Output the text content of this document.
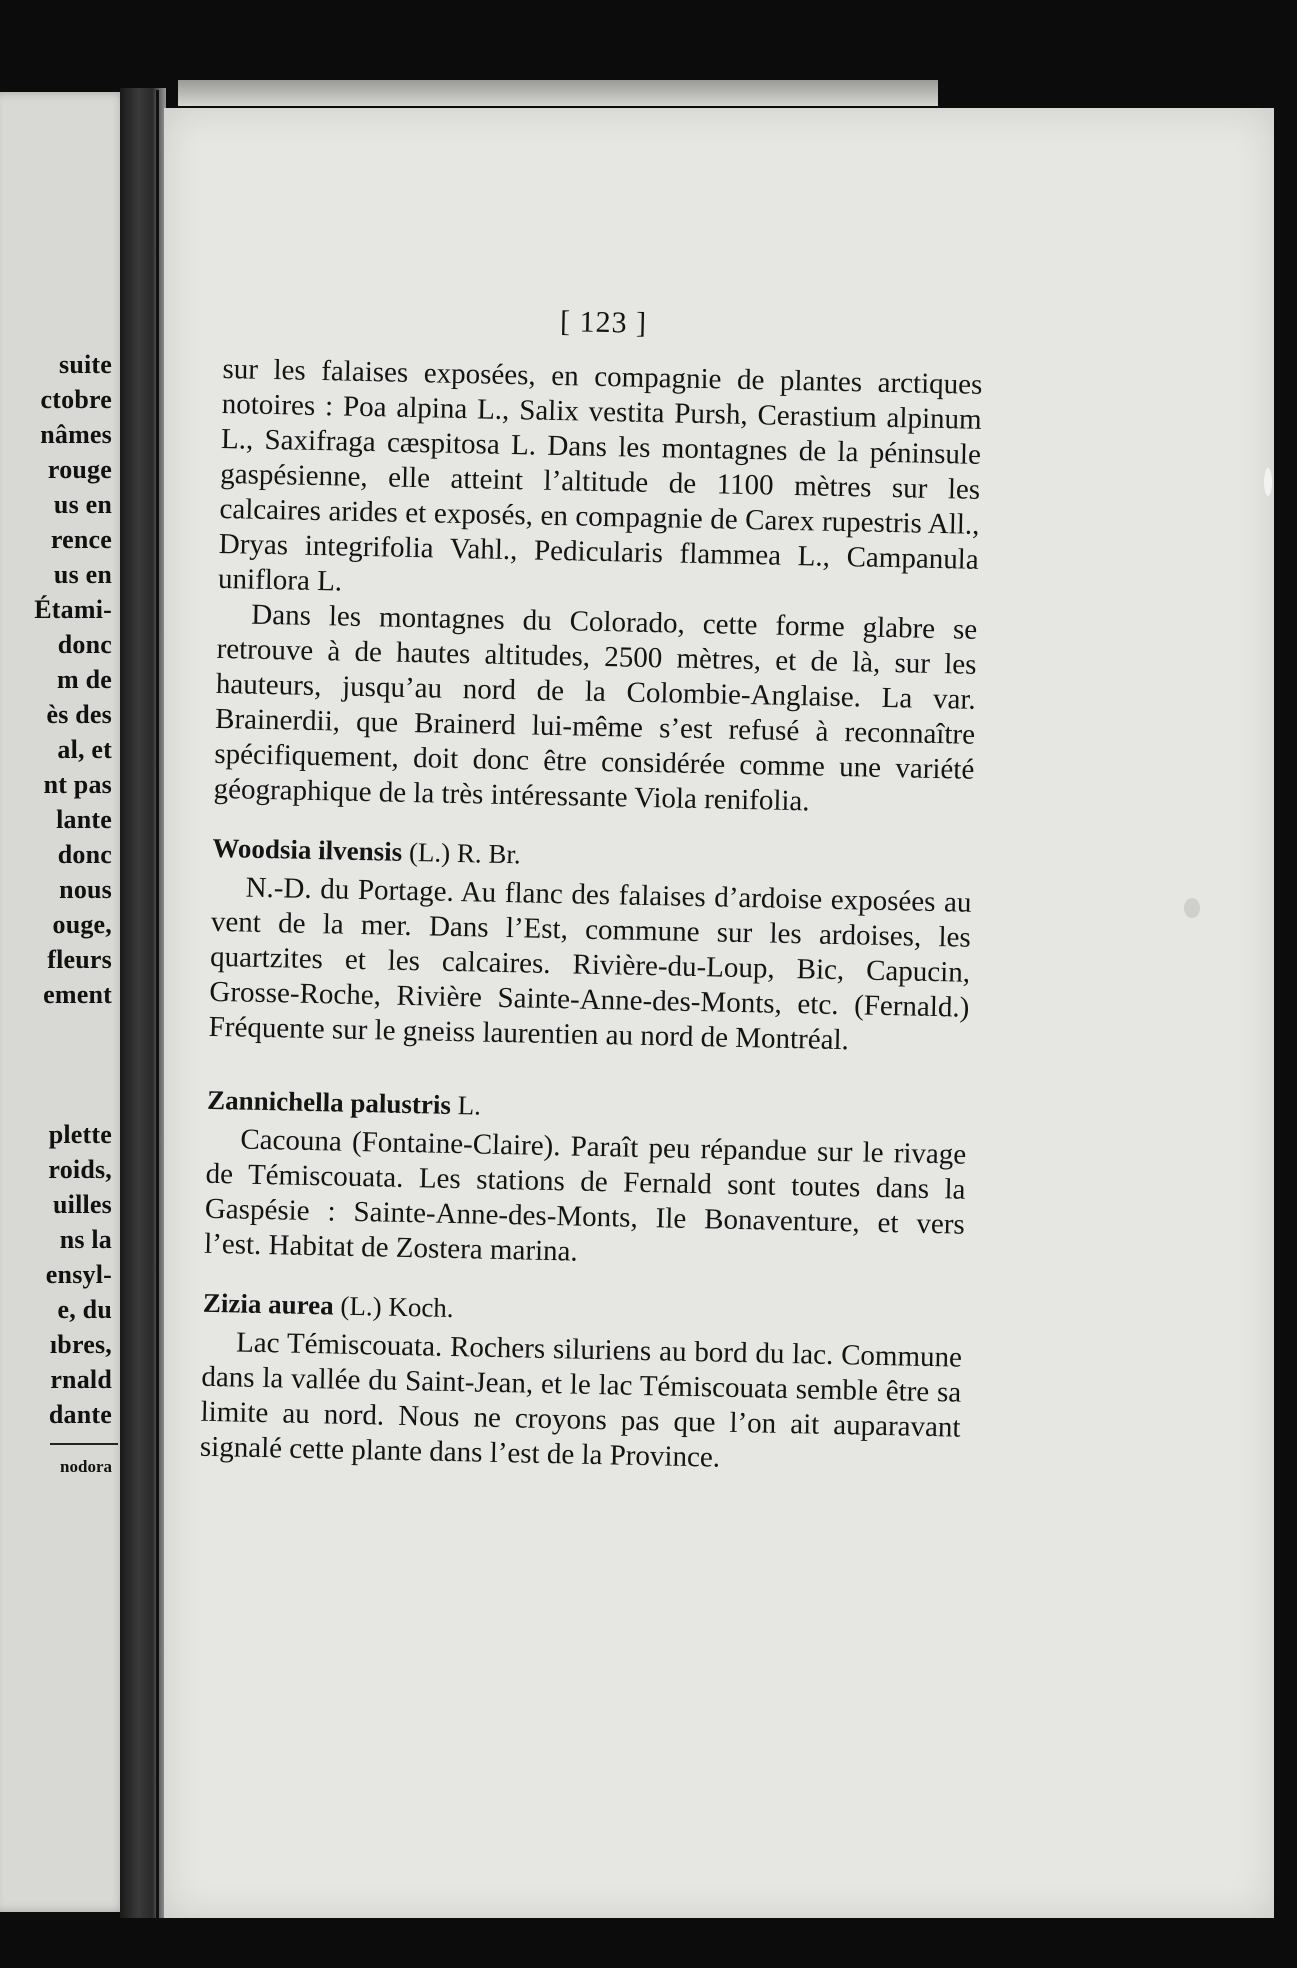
[ 123 ]

sur les falaises exposées, en compagnie de plantes arctiques notoires : Poa alpina L., Salix vestita Pursh, Cerastium alpinum L., Saxifraga cæspitosa L. Dans les montagnes de la péninsule gaspésienne, elle atteint l’altitude de 1100 mètres sur les calcaires arides et exposés, en compagnie de Carex rupestris All., Dryas integrifolia Vahl., Pedicularis flammea L., Campanula uniflora L.

Dans les montagnes du Colorado, cette forme glabre se retrouve à de hautes altitudes, 2500 mètres, et de là, sur les hauteurs, jusqu’au nord de la Colombie-Anglaise. La var. Brainerdii, que Brainerd lui-même s’est refusé à reconnaître spécifiquement, doit donc être considérée comme une variété géographique de la très intéressante Viola renifolia.

Woodsia ilvensis (L.) R. Br.

N.-D. du Portage. Au flanc des falaises d’ardoise exposées au vent de la mer. Dans l’Est, commune sur les ardoises, les quartzites et les calcaires. Rivière-du-Loup, Bic, Capucin, Grosse-Roche, Rivière Sainte-Anne-des-Monts, etc. (Fernald.) Fréquente sur le gneiss laurentien au nord de Montréal.

Zannichella palustris L.

Cacouna (Fontaine-Claire). Paraît peu répandue sur le rivage de Témiscouata. Les stations de Fernald sont toutes dans la Gaspésie : Sainte-Anne-des-Monts, Ile Bonaventure, et vers l’est. Habitat de Zostera marina.

Zizia aurea (L.) Koch.

Lac Témiscouata. Rochers siluriens au bord du lac. Commune dans la vallée du Saint-Jean, et le lac Témiscouata semble être sa limite au nord. Nous ne croyons pas que l’on ait auparavant signalé cette plante dans l’est de la Province.

suite
ctobre
nâmes
rouge
us en
rence
us en
Étami-
donc
m de
ès des
al, et
nt pas
lante
donc
nous
ouge,
fleurs
ement
plette
roids,
uilles
ns la
ensyl-
e, du
ıbres,
rnald
dante
nodora
